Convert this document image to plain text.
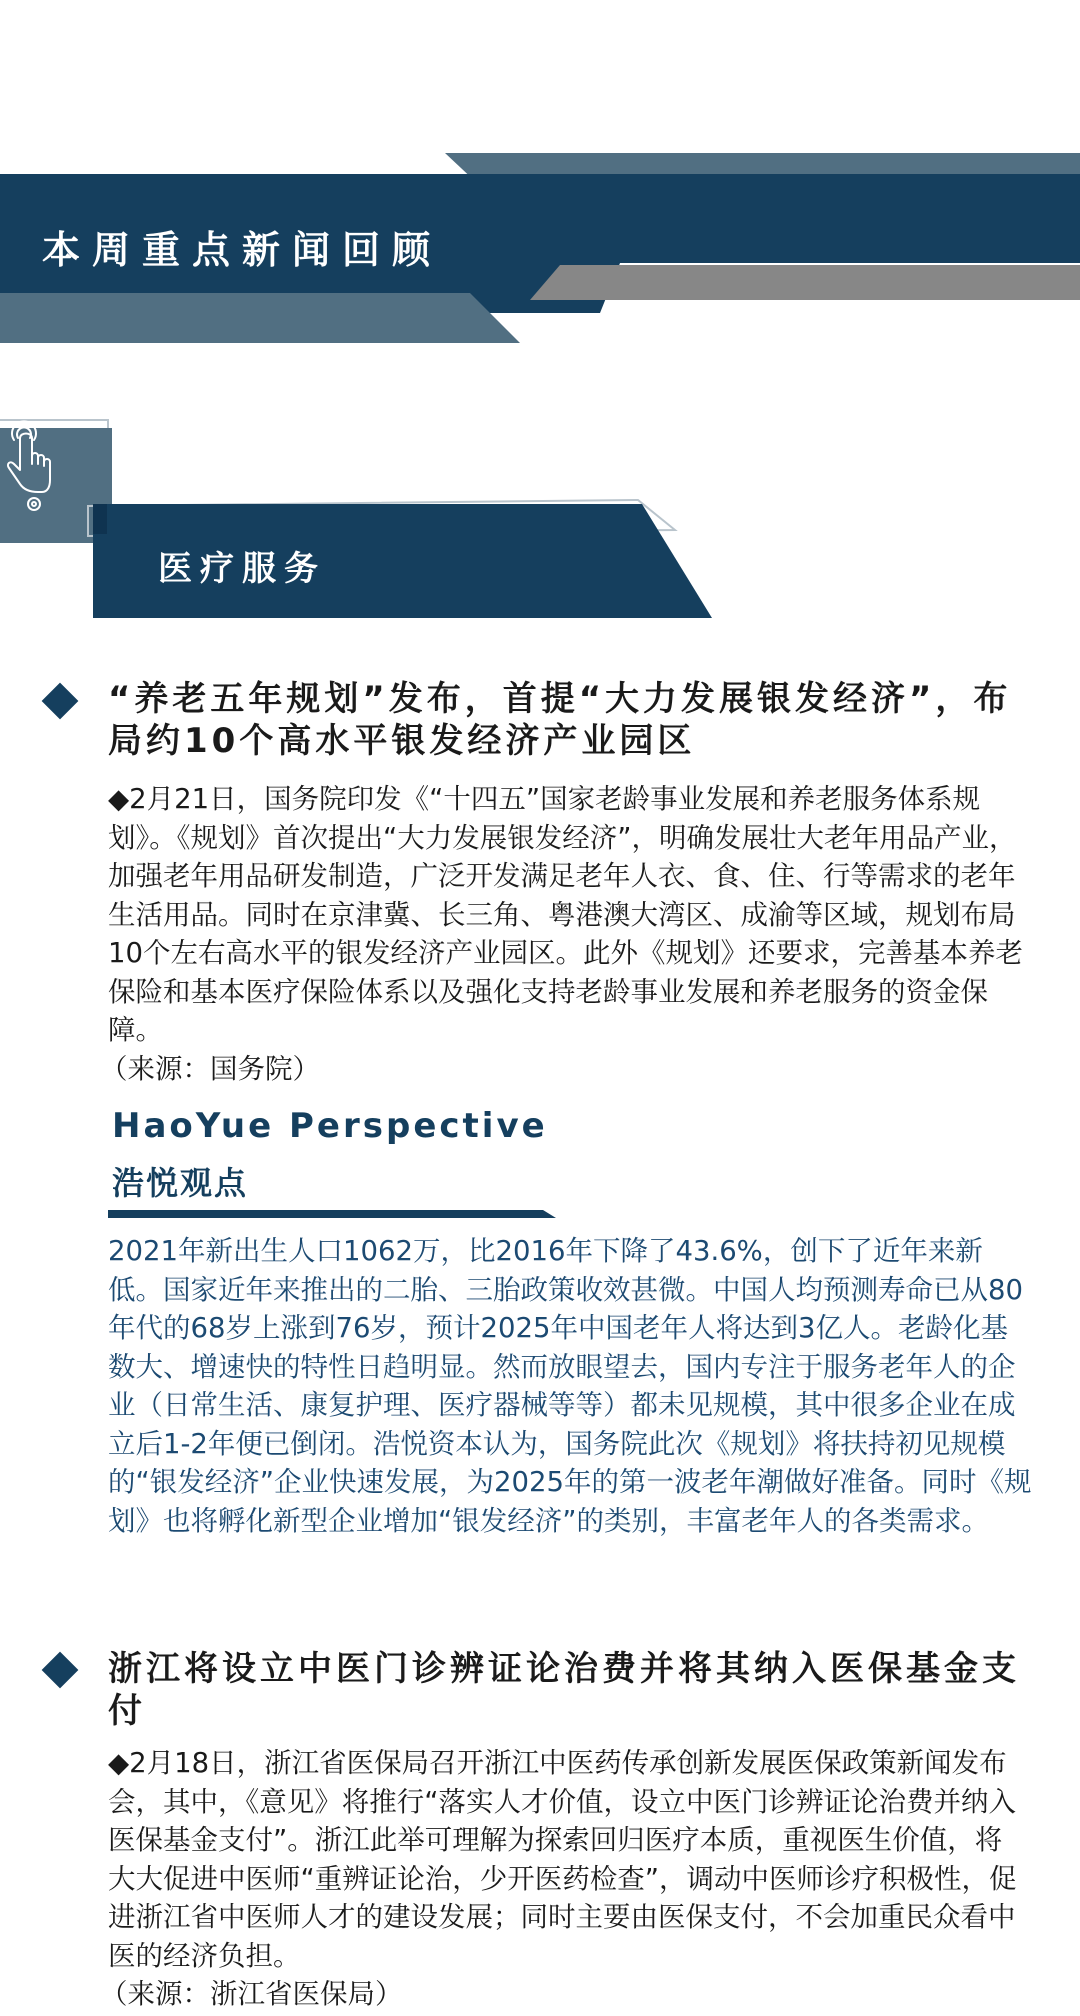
本周重点新闻回顾
医疗服务
“养老五年规划”发布，首提“大力发展银发经济”，布局约10个高水平银发经济产业园区

◆2月21日，国务院印发《“十四五”国家老龄事业发展和养老服务体系规划》。《规划》首次提出“大力发展银发经济”，明确发展壮大老年用品产业，加强老年用品研发制造，广泛开发满足老年人衣、食、住、行等需求的老年生活用品。同时在京津冀、长三角、粤港澳大湾区、成渝等区域，规划布局10个左右高水平的银发经济产业园区。此外《规划》还要求，完善基本养老保险和基本医疗保险体系以及强化支持老龄事业发展和养老服务的资金保障。

（来源：国务院）

HaoYue Perspective
浩悦观点

2021年新出生人口1062万，比2016年下降了43.6%，创下了近年来新低。国家近年来推出的二胎、三胎政策收效甚微。中国人均预测寿命已从80年代的68岁上涨到76岁，预计2025年中国老年人将达到3亿人。老龄化基数大、增速快的特性日趋明显。然而放眼望去，国内专注于服务老年人的企业（日常生活、康复护理、医疗器械等等）都未见规模，其中很多企业在成立后1-2年便已倒闭。浩悦资本认为，国务院此次《规划》将扶持初见规模的“银发经济”企业快速发展，为2025年的第一波老年潮做好准备。同时《规划》也将孵化新型企业增加“银发经济”的类别，丰富老年人的各类需求。

浙江将设立中医门诊辨证论治费并将其纳入医保基金支付

◆2月18日，浙江省医保局召开浙江中医药传承创新发展医保政策新闻发布会，其中，《意见》将推行“落实人才价值，设立中医门诊辨证论治费并纳入医保基金支付”。浙江此举可理解为探索回归医疗本质，重视医生价值，将大大促进中医师“重辨证论治，少开医药检查”，调动中医师诊疗积极性，促进浙江省中医师人才的建设发展；同时主要由医保支付，不会加重民众看中医的经济负担。

（来源：浙江省医保局）
